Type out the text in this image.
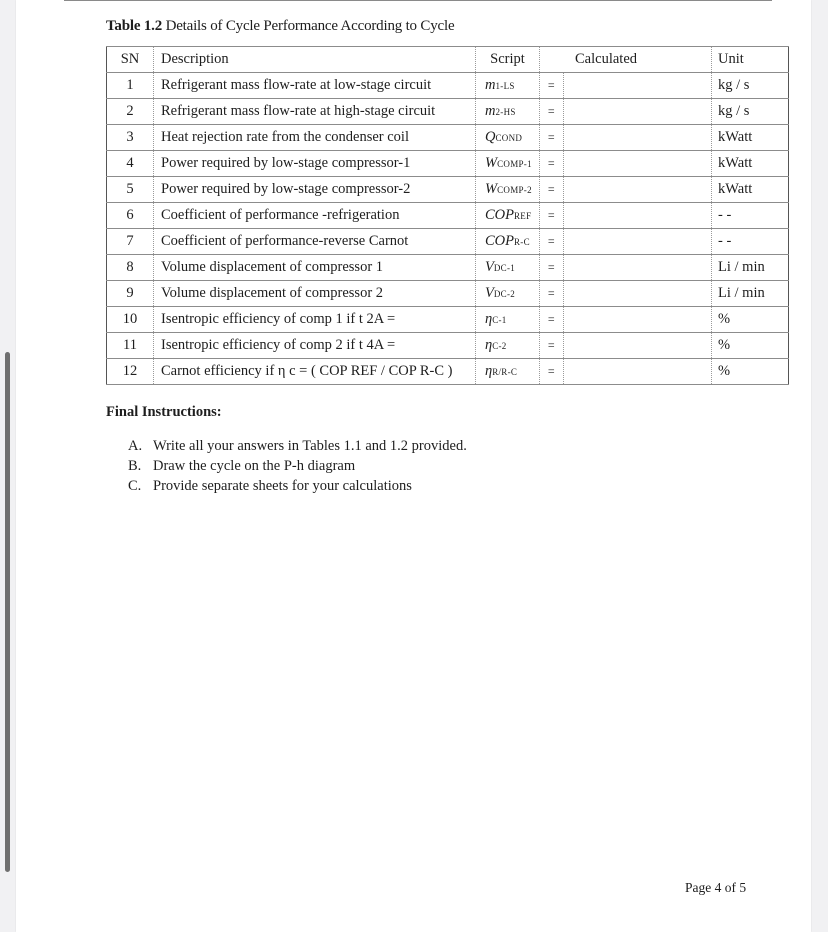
Table 1.2 Details of Cycle Performance According to Cycle
SN	Description	Script		Calculated	Unit
1	Refrigerant mass flow-rate at low-stage circuit	m1-LS	=		kg / s
2	Refrigerant mass flow-rate at high-stage circuit	m2-HS	=		kg / s
3	Heat rejection rate from the condenser coil	QCOND	=		kWatt
4	Power required by low-stage compressor-1	WCOMP-1	=		kWatt
5	Power required by low-stage compressor-2	WCOMP-2	=		kWatt
6	Coefficient of performance -refrigeration	COPREF	=		- -
7	Coefficient of performance-reverse Carnot	COPR-C	=		- -
8	Volume displacement of compressor 1	VDC-1	=		Li / min
9	Volume displacement of compressor 2	VDC-2	=		Li / min
10	Isentropic efficiency of comp 1 if t 2A =	ηC-1	=		%
11	Isentropic efficiency of comp 2 if t 4A =	ηC-2	=		%
12	Carnot efficiency if η c = ( COP REF / COP R-C )	ηR/R-C	=		%
Final Instructions:
A. Write all your answers in Tables 1.1 and 1.2 provided.
B. Draw the cycle on the P-h diagram
C. Provide separate sheets for your calculations
Page 4 of 5
